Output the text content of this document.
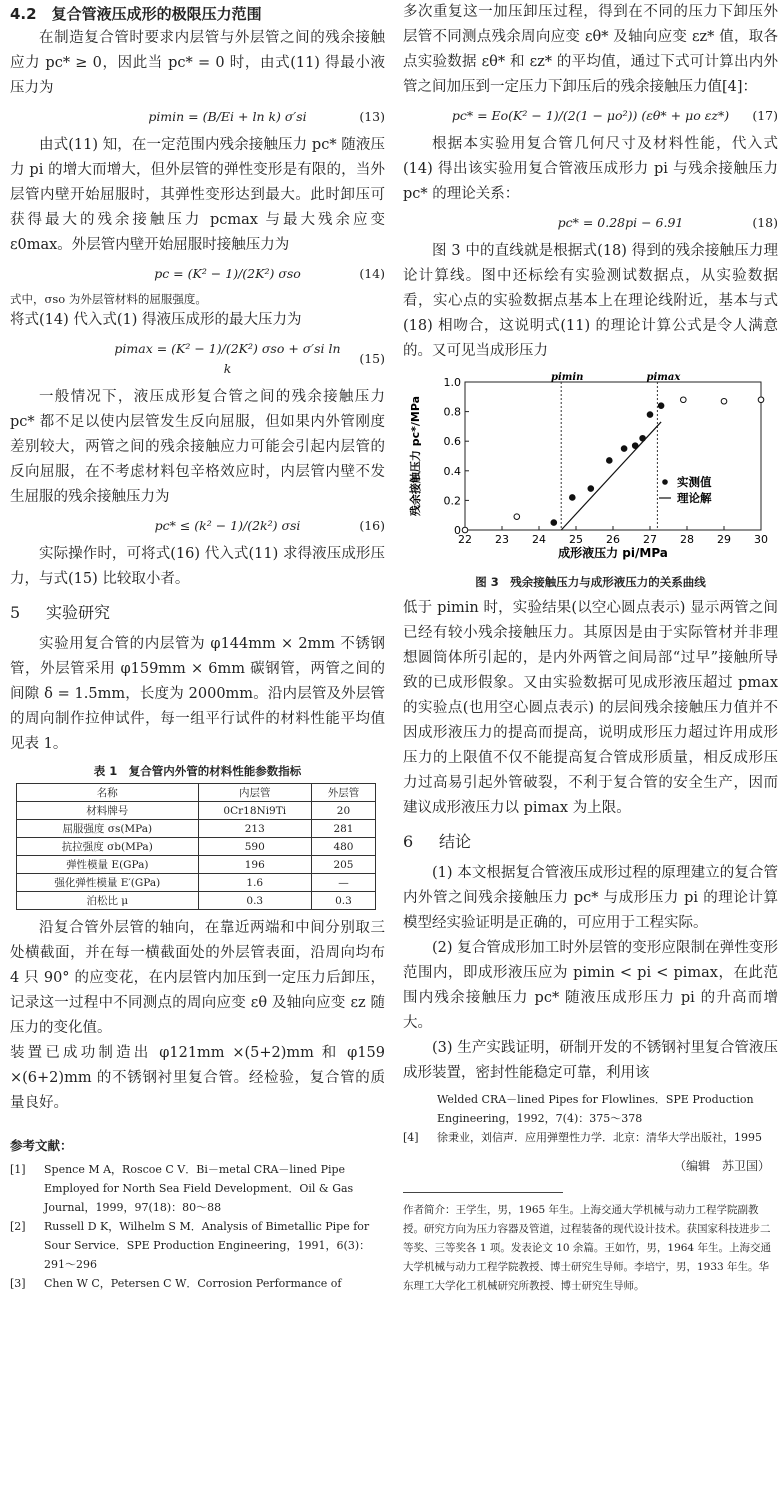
4.2　 复合管液压成形的极限压力范围

在制造复合管时要求内层管与外层管之间的残余接触应力 pc* ≥ 0，因此当 pc* = 0 时，由式(11) 得最小液压力为

pimin = (B/Ei + ln k) σ′si	(13)

由式(11) 知，在一定范围内残余接触压力 pc* 随液压力 pi 的增大而增大，但外层管的弹性变形是有限的，当外层管内壁开始屈服时，其弹性变形达到最大。此时卸压可获得最大的残余接触压力 pcmax 与最大残余应变 ε0max。外层管内壁开始屈服时接触压力为

pc = (K² − 1)/(2K²) σso	(14)

式中，σso 为外层管材料的屈服强度。

将式(14) 代入式(1) 得液压成形的最大压力为

pimax = (K² − 1)/(2K²) σso + σ′si ln k
(15)

一般情况下，液压成形复合管之间的残余接触压力 pc* 都不足以使内层管发生反向屈服，但如果内外管刚度差别较大，两管之间的残余接触应力可能会引起内层管的反向屈服，在不考虑材料包辛格效应时，内层管内壁不发生屈服的残余接触压力为

pc* ≤ (k² − 1)/(2k²) σsi	(16)

实际操作时，可将式(16) 代入式(11) 求得液压成形压力，与式(15) 比较取小者。

5 实验研究

实验用复合管的内层管为 φ144mm × 2mm 不锈钢管，外层管采用 φ159mm × 6mm 碳钢管，两管之间的间隙 δ = 1.5mm，长度为 2000mm。沿内层管及外层管的周向制作拉伸试件，每一组平行试件的材料性能平均值见表 1。

表 1　复合管内外管的材料性能参数指标
名称	内层管	外层管
材料牌号	0Cr18Ni9Ti	20
屈服强度 σs(MPa)	213	281
抗拉强度 σb(MPa)	590	480
弹性模量 E(GPa)	196	205
强化弹性模量 E′(GPa)	1.6	—
泊松比 μ	0.3	0.3

沿复合管外层管的轴向，在靠近两端和中间分别取三处横截面，并在每一横截面处的外层管表面，沿周向均布 4 只 90° 的应变花，在内层管内加压到一定压力后卸压，记录这一过程中不同测点的周向应变 εθ 及轴向应变 εz 随压力的变化值。

装置已成功制造出 φ121mm ×(5+2)mm 和 φ159 ×(6+2)mm 的不锈钢衬里复合管。经检验，复合管的质量良好。

参考文献：
[1]	Spence M A，Roscoe C V．Bi－metal CRA－lined Pipe Employed for North Sea Field Development．Oil & Gas Journal，1999，97(18)：80～88
[2]	Russell D K，Wilhelm S M．Analysis of Bimetallic Pipe for Sour Service．SPE Production Engineering，1991，6(3)：291～296
[3]	Chen W C，Petersen C W．Corrosion Performance of

多次重复这一加压卸压过程，得到在不同的压力下卸压外层管不同测点残余周向应变 εθ* 及轴向应变 εz* 值，取各点实验数据 εθ* 和 εz* 的平均值，通过下式可计算出内外管之间加压到一定压力下卸压后的残余接触压力值[4]：

pc* = Eo(K² − 1)/(2(1 − μo²)) (εθ* + μo εz*)	(17)

根据本实验用复合管几何尺寸及材料性能，代入式(14) 得出该实验用复合管液压成形力 pi 与残余接触压力 pc* 的理论关系：

pc* = 0.28pi − 6.91	(18)

图 3 中的直线就是根据式(18) 得到的残余接触压力理论计算线。图中还标绘有实验测试数据点，从实验数据看，实心点的实验数据点基本上在理论线附近，基本与式(18) 相吻合，这说明式(11) 的理论计算公式是令人满意的。又可见当成形压力

0
0.2
0.4
0.6
0.8
1.0
22 23 24 25 26 27 28 29 30
成形液压力 pi/MPa
残余接触压力 pc*/MPa
pimin	pimax
实测值
理论解
图 3　残余接触压力与成形液压力的关系曲线

低于 pimin 时，实验结果(以空心圆点表示) 显示两管之间已经有较小残余接触压力。其原因是由于实际管材并非理想圆筒体所引起的，是内外两管之间局部“过早”接触所导致的已成形假象。又由实验数据可见成形液压超过 pmax 的实验点(也用空心圆点表示) 的层间残余接触压力值并不因成形液压力的提高而提高，说明成形压力超过许用成形压力的上限值不仅不能提高复合管成形质量，相反成形压力过高易引起外管破裂，不利于复合管的安全生产，因而建议成形液压力以 pimax 为上限。

6 结论

(1) 本文根据复合管液压成形过程的原理建立的复合管内外管之间残余接触压力 pc* 与成形压力 pi 的理论计算模型经实验证明是正确的，可应用于工程实际。

(2) 复合管成形加工时外层管的变形应限制在弹性变形范围内，即成形液压应为 pimin < pi < pimax，在此范围内残余接触压力 pc* 随液压成形压力 pi 的升高而增大。

(3) 生产实践证明，研制开发的不锈钢衬里复合管液压成形装置，密封性能稳定可靠，利用该

Welded CRA－lined Pipes for Flowlines．SPE Production Engineering，1992，7(4)：375～378
[4]	徐秉业，刘信声．应用弹塑性力学．北京：清华大学出版社，1995
（编辑　苏卫国）
作者简介：王学生，男，1965 年生。上海交通大学机械与动力工程学院副教授。研究方向为压力容器及管道，过程装备的现代设计技术。获国家科技进步二等奖、三等奖各 1 项。发表论文 10 余篇。王如竹，男，1964 年生。上海交通大学机械与动力工程学院教授、博士研究生导师。李培宁，男，1933 年生。华东理工大学化工机械研究所教授、博士研究生导师。
